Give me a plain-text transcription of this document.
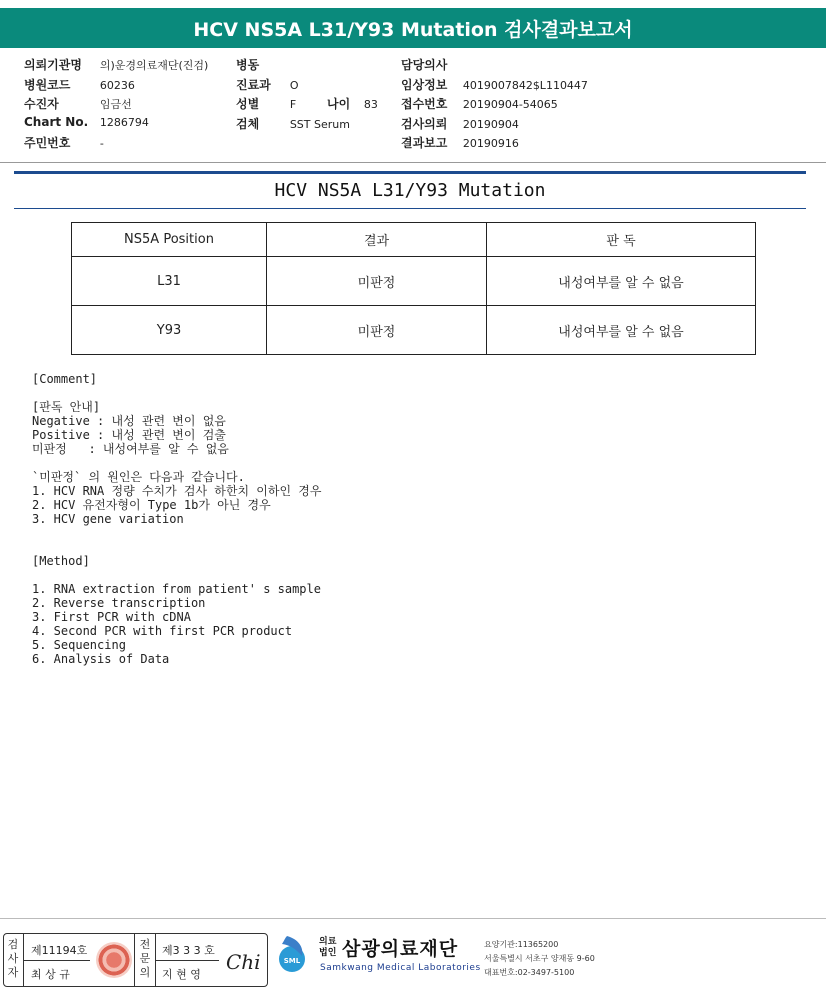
HCV NS5A L31/Y93 Mutation 검사결과보고서
의뢰기관명 의)운경의료재단(진검)
병원코드	60236
수진자	임금선
Chart No. 1286794
주민번호	-
병동
진료과 O
성별	F	나이 83
검체	SST Serum
담당의사
임상정보 4019007842$L110447
접수번호 20190904-54065
검사의뢰 20190904
결과보고 20190916
HCV NS5A L31/Y93 Mutation
NS5A Position	결과	판 독
L31	미판정	내성여부를 알 수 없음
Y93	미판정	내성여부를 알 수 없음
[Comment]
[판독 안내]
Negative : 내성 관련 변이 없음
Positive : 내성 관련 변이 검출
미판정   : 내성여부를 알 수 없음
`미판정` 의 원인은 다음과 같습니다.
1. HCV RNA 정량 수치가 검사 하한치 이하인 경우
2. HCV 유전자형이 Type 1b가 아닌 경우
3. HCV gene variation
[Method]
1. RNA extraction from patient' s sample
2. Reverse transcription
3. First PCR with cDNA
4. Second PCR with first PCR product
5. Sequencing
6. Analysis of Data
검사자
제11194호
최 상 규
전문의
제3 3 3 호
지 현 영
Chi	SML
의료
법인 삼광의료재단
Samkwang Medical Laboratories
요양기관:11365200
서울특별시 서초구 양재동 9-60
대표번호:02-3497-5100
